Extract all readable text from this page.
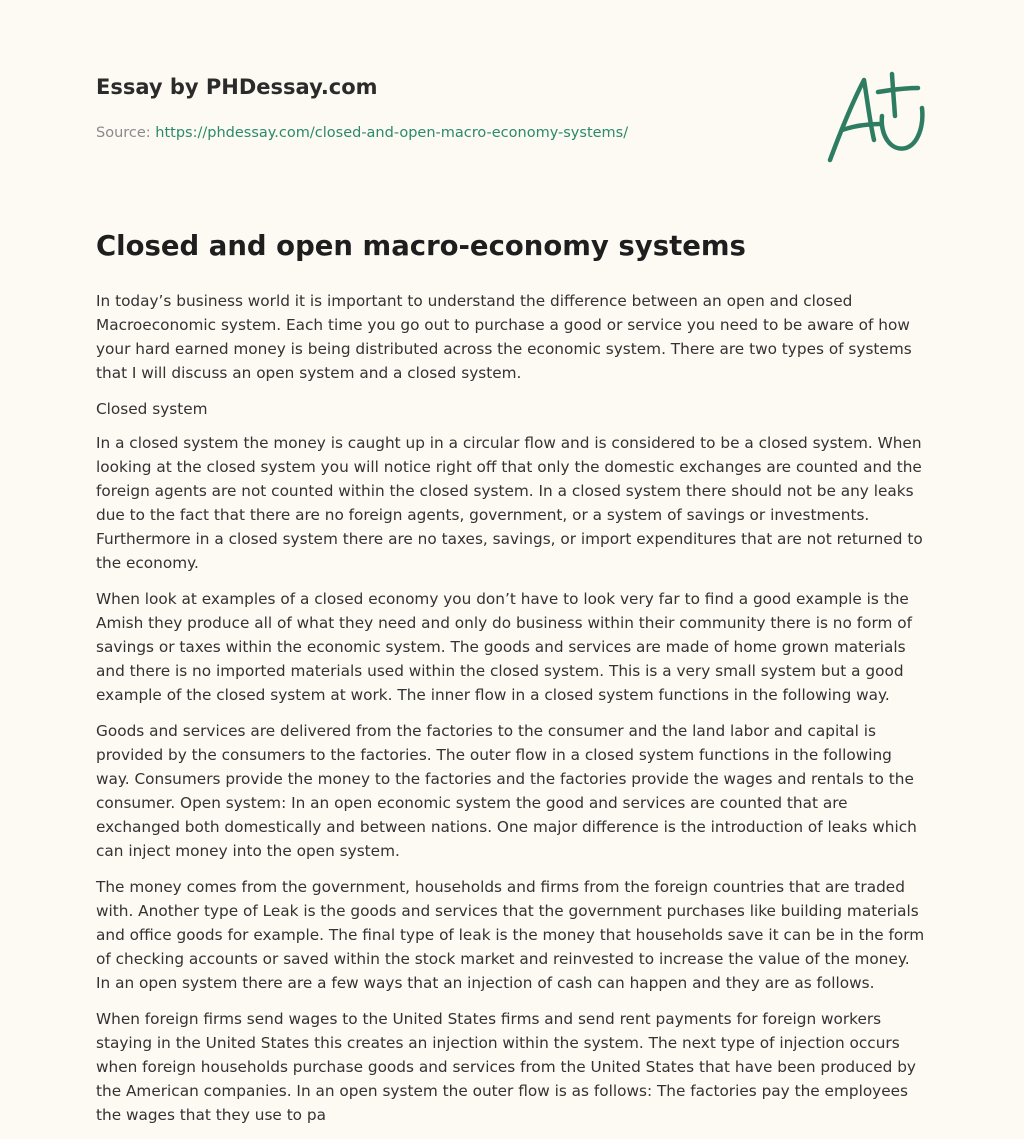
Essay by PHDessay.com
Source: https://phdessay.com/closed-and-open-macro-economy-systems/
Closed and open macro-economy systems

In today’s business world it is important to understand the difference between an open and closed Macroeconomic system. Each time you go out to purchase a good or service you need to be aware of how your hard earned money is being distributed across the economic system. There are two types of systems that I will discuss an open system and a closed system.

Closed system

In a closed system the money is caught up in a circular flow and is considered to be a closed system. When looking at the closed system you will notice right off that only the domestic exchanges are counted and the foreign agents are not counted within the closed system. In a closed system there should not be any leaks due to the fact that there are no foreign agents, government, or a system of savings or investments. Furthermore in a closed system there are no taxes, savings, or import expenditures that are not returned to the economy.

When look at examples of a closed economy you don’t have to look very far to find a good example is the Amish they produce all of what they need and only do business within their community there is no form of savings or taxes within the economic system. The goods and services are made of home grown materials and there is no imported materials used within the closed system. This is a very small system but a good example of the closed system at work. The inner flow in a closed system functions in the following way.

Goods and services are delivered from the factories to the consumer and the land labor and capital is provided by the consumers to the factories. The outer flow in a closed system functions in the following way. Consumers provide the money to the factories and the factories provide the wages and rentals to the consumer. Open system: In an open economic system the good and services are counted that are exchanged both domestically and between nations. One major difference is the introduction of leaks which can inject money into the open system.

The money comes from the government, households and firms from the foreign countries that are traded with. Another type of Leak is the goods and services that the government purchases like building materials and office goods for example. The final type of leak is the money that households save it can be in the form of checking accounts or saved within the stock market and reinvested to increase the value of the money. In an open system there are a few ways that an injection of cash can happen and they are as follows.

When foreign firms send wages to the United States firms and send rent payments for foreign workers staying in the United States this creates an injection within the system. The next type of injection occurs when foreign households purchase goods and services from the United States that have been produced by the American companies. In an open system the outer flow is as follows: The factories pay the employees the wages that they use to pa
